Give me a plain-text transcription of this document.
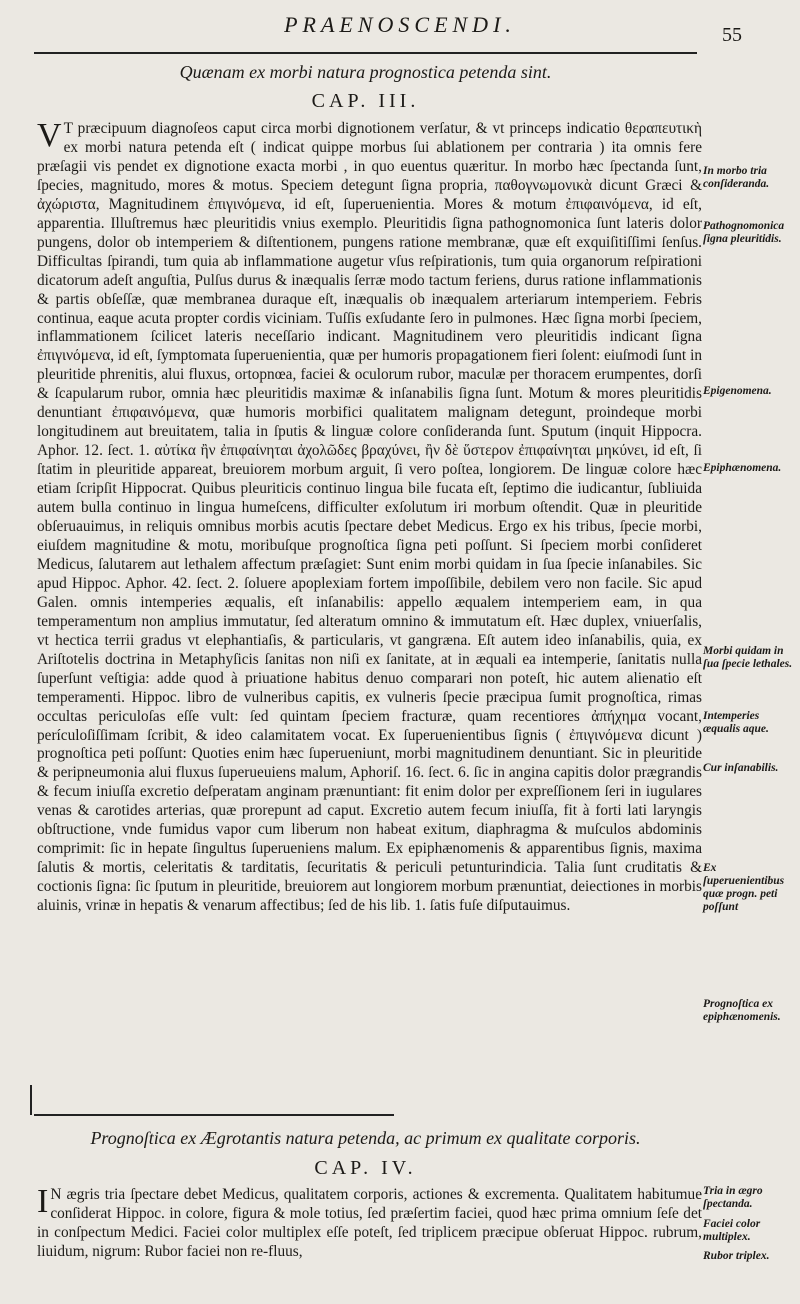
PRAENOSCENDI.	55
Quænam ex morbi natura prognostica petenda sint.
CAP. III.
V T præcipuum diagnoſeos caput circa morbi dignotionem verſatur, & vt princeps indicatio θεραπευτικὴ ex morbi natura petenda eſt ( indicat quippe morbus ſui ablationem per contraria ) ita omnis fere præſagii vis pendet ex dignotione exacta morbi , in quo euentus quæritur. In morbo hæc ſpectanda ſunt, ſpecies, magnitudo, mores & motus. Speciem detegunt ſigna propria, παθογνωμονικὰ dicunt Græci & ἀχώριστα, Magnitudinem ἐπιγινόμενα, id eſt, ſuperuenientia. Mores & motum ἐπιφαινόμενα, id eſt, apparentia. Illuſtremus hæc pleuritidis vnius exemplo. Pleuritidis ſigna pathognomonica ſunt lateris dolor pungens, dolor ob intemperiem & diſtentionem, pungens ratione membranæ, quæ eſt exquiſitiſſimi ſenſus. Difficultas ſpirandi, tum quia ab inflammatione augetur vſus reſpirationis, tum quia organorum reſpirationi dicatorum adeſt anguſtia, Pulſus durus & inæqualis ſerræ modo tactum feriens, durus ratione inflammationis & partis obſeſſæ, quæ membranea duraque eſt, inæqualis ob inæqualem arteriarum intemperiem. Febris continua, eaque acuta propter cordis viciniam. Tuſſis exſudante ſero in pulmones. Hæc ſigna morbi ſpeciem, inflammationem ſcilicet lateris neceſſario indicant. Magnitudinem vero pleuritidis indicant ſigna ἐπιγινόμενα, id eſt, ſymptomata ſuperuenientia, quæ per humoris propagationem fieri ſolent: eiuſmodi ſunt in pleuritide phrenitis, alui fluxus, ortopnœa, faciei & oculorum rubor, maculæ per thoracem erumpentes, dorſi & ſcapularum rubor, omnia hæc pleuritidis maximæ & inſanabilis ſigna ſunt. Motum & mores pleuritidis denuntiant ἐπιφαινόμενα, quæ humoris morbifici qualitatem malignam detegunt, proindeque morbi longitudinem aut breuitatem, talia in ſputis & linguæ colore conſideranda ſunt. Sputum (inquit Hippocra. Aphor. 12. ſect. 1. αὐτίκα ἢν ἐπιφαίνηται ἀχολῶδες βραχύνει, ἢν δὲ ὕστερον ἐπιφαίνηται μηκύνει, id eſt, ſi ſtatim in pleuritide appareat, breuiorem morbum arguit, ſi vero poſtea, longiorem. De linguæ colore hæc etiam ſcripſit Hippocrat. Quibus pleuriticis continuo lingua bile fucata eſt, ſeptimo die iudicantur, ſubliuida autem bulla continuo in lingua humeſcens, difficulter exſolutum iri morbum oſtendit. Quæ in pleuritide obſeruauimus, in reliquis omnibus morbis acutis ſpectare debet Medicus. Ergo ex his tribus, ſpecie morbi, eiuſdem magnitudine & motu, moribuſque prognoſtica ſigna peti poſſunt. Si ſpeciem morbi conſideret Medicus, ſalutarem aut lethalem affectum præſagiet: Sunt enim morbi quidam in ſua ſpecie inſanabiles. Sic apud Hippoc. Aphor. 42. ſect. 2. ſoluere apoplexiam fortem impoſſibile, debilem vero non facile. Sic apud Galen. omnis intemperies æqualis, eſt inſanabilis: appello æqualem intemperiem eam, in qua temperamentum non amplius immutatur, ſed alteratum omnino & immutatum eſt. Hæc duplex, vniuerſalis, vt hectica terrii gradus vt elephantiaſis, & particularis, vt gangræna. Eſt autem ideo inſanabilis, quia, ex Ariſtotelis doctrina in Metaphyſicis ſanitas non niſi ex ſanitate, at in æquali ea intemperie, ſanitatis nulla ſuperſunt veſtigia: adde quod à priuatione habitus denuo comparari non poteſt, hic autem alienatio eſt temperamenti. Hippoc. libro de vulneribus capitis, ex vulneris ſpecie præcipua ſumit prognoſtica, rimas occultas periculoſas eſſe vult: ſed quintam ſpeciem fracturæ, quam recentiores ἀπήχημα vocant, perículoſiſſimam ſcribit, & ideo calamitatem vocat. Ex ſuperuenientibus ſignis ( ἐπιγινόμενα dicunt ) prognoſtica peti poſſunt: Quoties enim hæc ſuperueniunt, morbi magnitudinem denuntiant. Sic in pleuritide & peripneumonia alui fluxus ſuperueuiens malum, Aphoriſ. 16. ſect. 6. ſic in angina capitis dolor prægrandis & fecum iniuſſa excretio deſperatam anginam prænuntiant: fit enim dolor per expreſſionem ſeri in iugulares venas & carotides arterias, quæ prorepunt ad caput. Excretio autem fecum iniuſſa, fit à forti lati laryngis obſtructione, vnde fumidus vapor cum liberum non habeat exitum, diaphragma & muſculos abdominis comprimit: ſic in hepate ſingultus ſuperueniens malum. Ex epiphænomenis & apparentibus ſignis, maxima ſalutis & mortis, celeritatis & tarditatis, ſecuritatis & periculi petunturindicia. Talia ſunt cruditatis & coctionis ſigna: ſic ſputum in pleuritide, breuiorem aut longiorem morbum prænuntiat, deiectiones in morbis aluinis, vrinæ in hepatis & venarum affectibus; ſed de his lib. 1. ſatis fuſe diſputauimus.
Prognoſtica ex Ægrotantis natura petenda, ac primum ex qualitate corporis.
CAP. IV.
I N ægris tria ſpectare debet Medicus, qualitatem corporis, actiones & excrementa. Qualitatem habitumue conſiderat Hippoc. in colore, figura & mole totius, ſed præſertim faciei, quod hæc prima omnium ſeſe det in conſpectum Medici. Faciei color multiplex eſſe poteſt, ſed triplicem præcipue obſeruat Hippoc. rubrum, liuidum, nigrum: Rubor faciei non re-fluus,
In morbo tria conſideranda.
Pathognomonica ſigna pleuritidis.
Epigenomena.
Epiphænomena.
Morbi quidam in ſua ſpecie lethales.
Intemperies æqualis aque.
Cur inſanabilis.
Ex ſuperuenientibus quæ progn. peti poſſunt
Prognoſtica ex epiphænomenis.
Tria in ægro ſpectanda.
Faciei color multiplex.
Rubor triplex.
